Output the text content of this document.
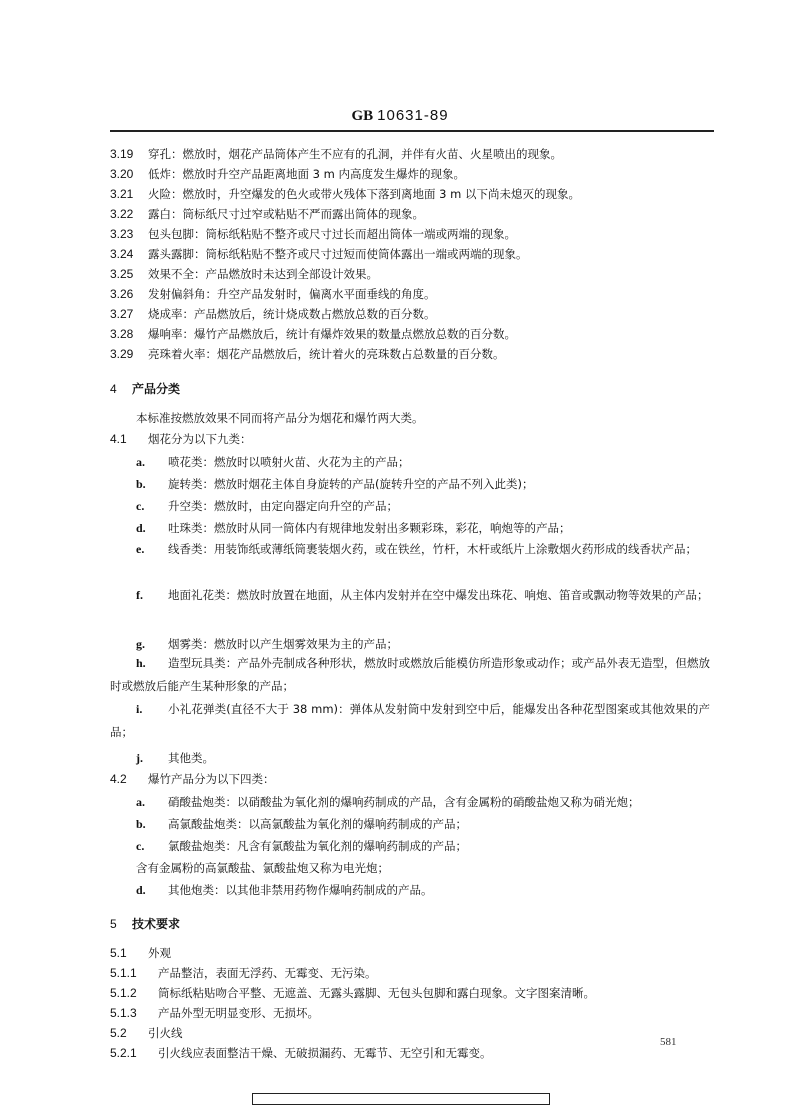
GB 10631-89
3.19 穿孔：燃放时，烟花产品筒体产生不应有的孔洞，并伴有火苗、火星喷出的现象。
3.20 低炸：燃放时升空产品距离地面 3 m 内高度发生爆炸的现象。
3.21 火险：燃放时，升空爆发的色火或带火残体下落到离地面 3 m 以下尚未熄灭的现象。
3.22 露白：筒标纸尺寸过窄或粘贴不严而露出筒体的现象。
3.23 包头包脚：筒标纸粘贴不整齐或尺寸过长而超出筒体一端或两端的现象。
3.24 露头露脚：筒标纸粘贴不整齐或尺寸过短而使筒体露出一端或两端的现象。
3.25 效果不全：产品燃放时未达到全部设计效果。
3.26 发射偏斜角：升空产品发射时，偏离水平面垂线的角度。
3.27 烧成率：产品燃放后，统计烧成数占燃放总数的百分数。
3.28 爆响率：爆竹产品燃放后，统计有爆炸效果的数量点燃放总数的百分数。
3.29 亮珠着火率：烟花产品燃放后，统计着火的亮珠数占总数量的百分数。
4 产品分类
本标准按燃放效果不同而将产品分为烟花和爆竹两大类。
4.1 烟花分为以下九类：
a. 喷花类：燃放时以喷射火苗、火花为主的产品；
b. 旋转类：燃放时烟花主体自身旋转的产品(旋转升空的产品不列入此类)；
c. 升空类：燃放时，由定向器定向升空的产品；
d. 吐珠类：燃放时从同一筒体内有规律地发射出多颗彩珠，彩花，响炮等的产品；
e. 线香类：用装饰纸或薄纸筒裹装烟火药，或在铁丝，竹杆，木杆或纸片上涂敷烟火药形成的线香状产品；
f. 地面礼花类：燃放时放置在地面，从主体内发射并在空中爆发出珠花、响炮、笛音或飘动物等效果的产品；
g. 烟雾类：燃放时以产生烟雾效果为主的产品；
h. 造型玩具类：产品外壳制成各种形状，燃放时或燃放后能模仿所造形象或动作；或产品外表无造型，但燃放时或燃放后能产生某种形象的产品；
i. 小礼花弹类(直径不大于 38 mm)：弹体从发射筒中发射到空中后，能爆发出各种花型图案或其他效果的产品；
j. 其他类。
4.2 爆竹产品分为以下四类：
a. 硝酸盐炮类：以硝酸盐为氧化剂的爆响药制成的产品，含有金属粉的硝酸盐炮又称为硝光炮；
b. 高氯酸盐炮类：以高氯酸盐为氧化剂的爆响药制成的产品；
c. 氯酸盐炮类：凡含有氯酸盐为氧化剂的爆响药制成的产品；
含有金属粉的高氯酸盐、氯酸盐炮又称为电光炮；
d. 其他炮类：以其他非禁用药物作爆响药制成的产品。
5 技术要求
5.1 外观
5.1.1 产品整洁，表面无浮药、无霉变、无污染。
5.1.2 筒标纸粘贴吻合平整、无遮盖、无露头露脚、无包头包脚和露白现象。文字图案清晰。
5.1.3 产品外型无明显变形、无损坏。
5.2 引火线
5.2.1 引火线应表面整洁干燥、无破损漏药、无霉节、无空引和无霉变。
581
